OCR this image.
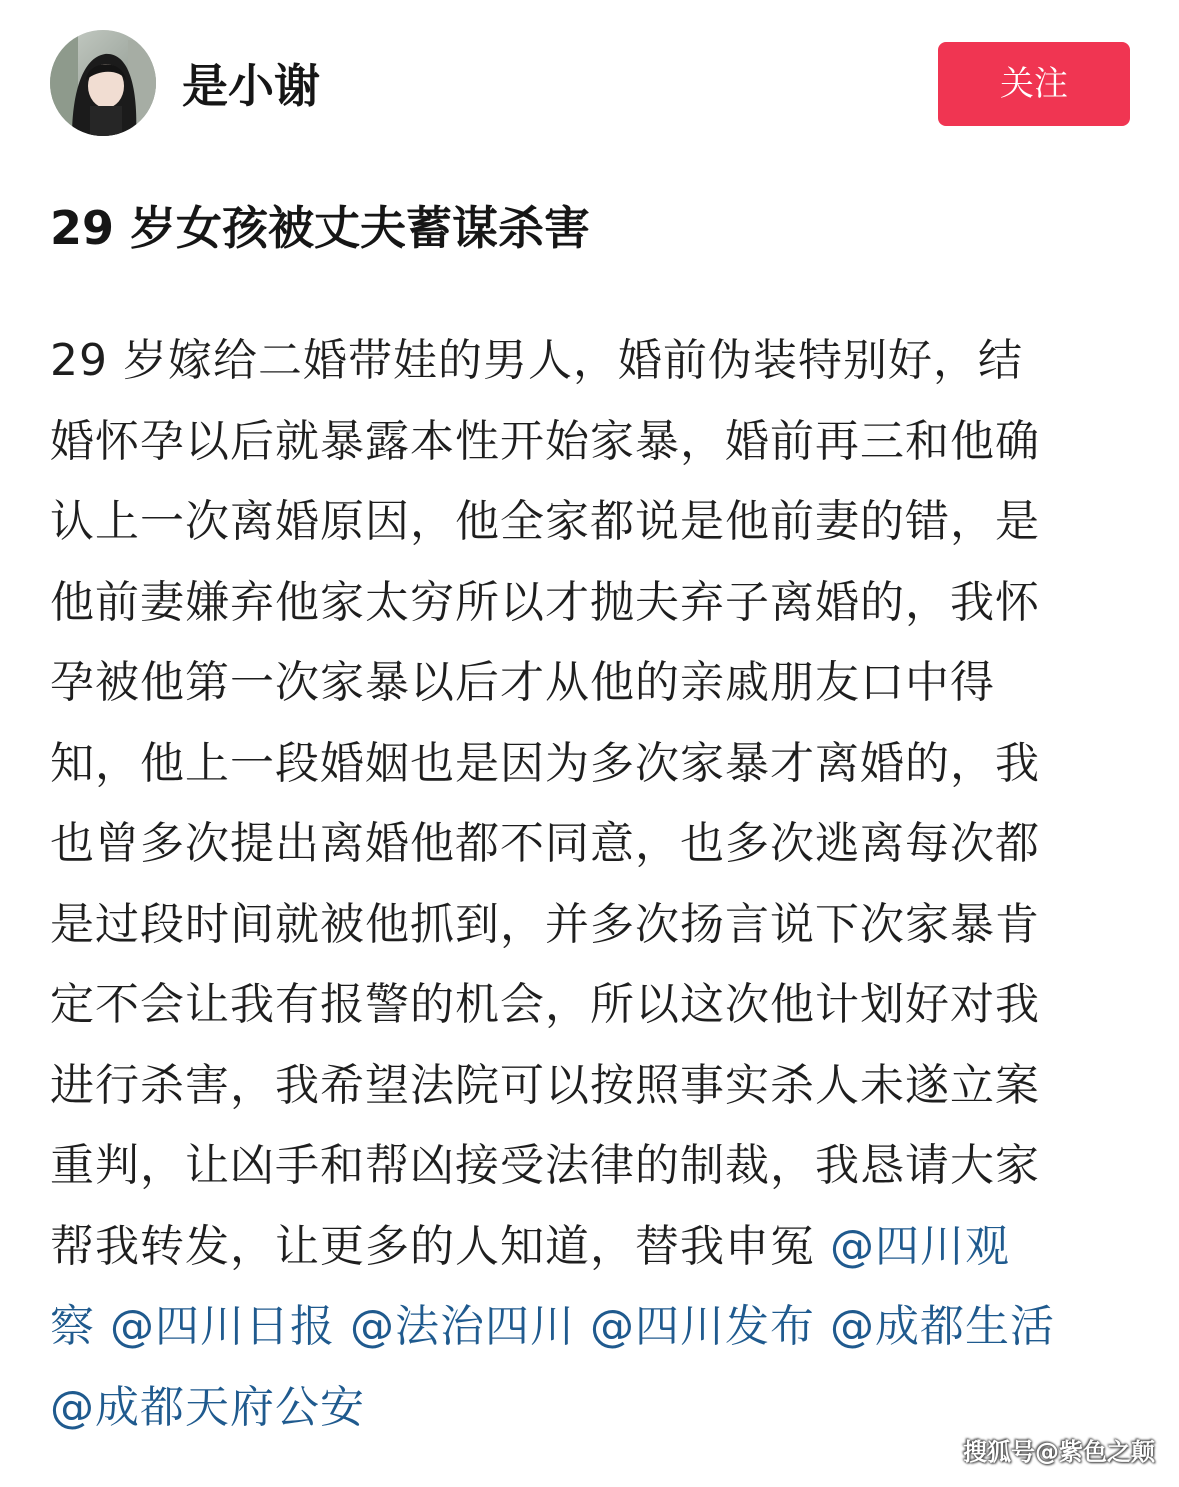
是小谢	关注
29 岁女孩被丈夫蓄谋杀害
29 岁嫁给二婚带娃的男人，婚前伪装特别好，结
婚怀孕以后就暴露本性开始家暴，婚前再三和他确
认上一次离婚原因，他全家都说是他前妻的错，是
他前妻嫌弃他家太穷所以才抛夫弃子离婚的，我怀
孕被他第一次家暴以后才从他的亲戚朋友口中得
知，他上一段婚姻也是因为多次家暴才离婚的，我
也曾多次提出离婚他都不同意，也多次逃离每次都
是过段时间就被他抓到，并多次扬言说下次家暴肯
定不会让我有报警的机会，所以这次他计划好对我
进行杀害，我希望法院可以按照事实杀人未遂立案
重判，让凶手和帮凶接受法律的制裁，我恳请大家
帮我转发，让更多的人知道，替我申冤 @四川观
察 @四川日报 @法治四川 @四川发布 @成都生活
@成都天府公安
搜狐号@紫色之颠
